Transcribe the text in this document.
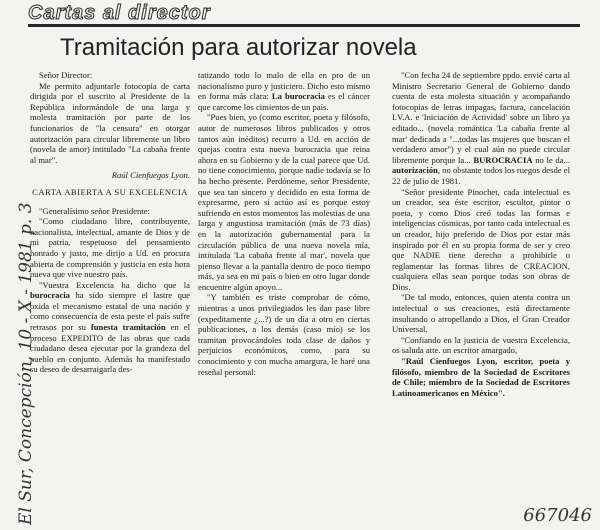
Cartas al director
Tramitación para autorizar novela

Señor Director:

Me permito adjuntarle fotocopia de carta dirigida por el suscrito al Presidente de la República informándole de una larga y molesta tramitación por parte de los funcionarios de "la censura" en otorgar autorización para circular libremente un libro (novela de amor) intitulado "La cabaña frente al mar".

Raúl Cienfuegos Lyon.

CARTA ABIERTA A SU EXCELENCIA

"Generalísimo señor Presidente:

"Como ciudadano libre, contribuyente, nacionalista, intelectual, amante de Dios y de mi patria, respetuoso del pensamiento honrado y justo, me dirijo a Ud. en procura abierta de comprensión y justicia en esta hora nueva que vive nuestro país.

"Vuestra Excelencia ha dicho que la burocracia ha sido siempre el lastre que oxida el mecanismo estatal de una nación y como consecuencia de esta peste el país sufre retrasos por su funesta tramitación en el proceso EXPEDITO de las obras que cada ciudadano desea ejecutar por la grandeza del pueblo en conjunto. Además ha manifestado su deseo de desarraigarla des-

tatizando todo lo malo de ella en pro de un nacionalismo puro y justiciero. Dicho esto mismo en forma más clara: La burocracia es el cáncer que carcome los cimientos de un país.

"Pues bien, yo (como escritor, poeta y filósofo, autor de numerosos libros publicados y otros tantos aún inéditos) recurro a Ud. en acción de quejas contra esta nueva burocracia que reina ahora en su Gobierno y de la cual parece que Ud. no tiene conocimiento, porque nadie todavía se lo ha hecho presente. Perdóneme, señor Presidente, que sea tan sincero y decidido en esta forma de expresarme, pero si actúo así es porque estoy sufriendo en estos momentos las molestias de una larga y angustiosa tramitación (más de 73 días) en la autorización gubernamental para la circulación pública de una nueva novela mía, intitulada 'La cabaña frente al mar', novela que pienso llevar a la pantalla dentro de poco tiempo más, ya sea en mi país o bien en otro lugar donde encuentre algún apoyo...

"Y también es triste comprobar de cómo, mientras a unos privilegiados les dan pase libre (expeditamente ¿...?) de un día a otro en ciertas publicaciones, a los demás (caso mío) se los tramitan provocándoles toda clase de daños y perjuicios económicos, como, para su conocimiento y con mucha amargura, le haré una reseñal personal:

"Con fecha 24 de septiembre ppdo. envié carta al Ministro Secretario General de Gobierno dando cuenta de esta molesta situación y acompañando fotocopias de letras impagas, factura, cancelación I.V.A. e 'Iniciación de Actividad' sobre un libro ya editado... (novela romántica 'La cabaña frente al mar' dedicada a "...todas las mujeres que buscan el verdadero amor") y el cual aún no puede circular libremente porque la... BUROCRACIA no le da... autorización, no obstante todos los ruegos desde el 22 de julio de 1981.

"Señor presidente Pinochet, cada intelectual es un creador, sea éste escritor, escultor, pintor o poeta, y como Dios creó todas las formas e inteligencias cósmicas, por tanto cada intelectual es un creador, hijo preferido de Dios por estar más inspirado por él en su propia forma de ser y creo que NADIE tiene derecho a prohibirle o reglamentar las formas libres de CREACION, cualquiera ellas sean porque todas son obras de Dios.

"De tal modo, entonces, quien atenta contra un intelectual o sus creaciones, está directamente insultando o atropellando a Dios, el Gran Creador Universal.

"Confiando en la justicia de vuestra Excelencia, os saluda atte. un escritor amargado,

"Raúl Cienfuegos Lyon, escritor, poeta y filósofo, miembro de la Sociedad de Escritores de Chile; miembro de la Sociedad de Escritores Latinoamericanos en México".

El Sur, Concepción, 10 - X - 1981 p. 3	667046
